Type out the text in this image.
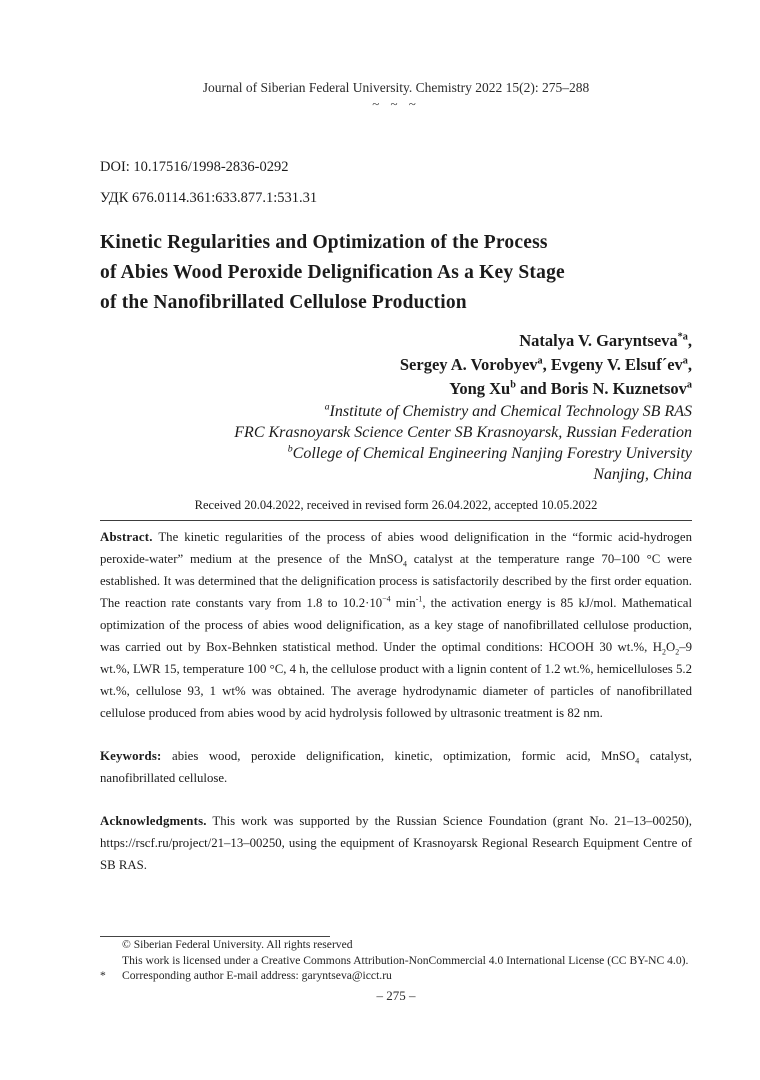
Journal of Siberian Federal University. Chemistry 2022 15(2): 275–288
~ ~ ~
DOI: 10.17516/1998-2836-0292
УДК 676.0114.361:633.877.1:531.31
Kinetic Regularities and Optimization of the Process
of Abies Wood Peroxide Delignification As a Key Stage
of the Nanofibrillated Cellulose Production
Natalya V. Garyntseva$^{*a}$,
Sergey A. Vorobyev$^a$, Evgeny V. $Elsuf´ev^a$,
Yong Xu$^b$ and Boris N. Kuznetsov$^a$
$^a$Institute of Chemistry and Chemical Technology SB RAS
FRC Krasnoyarsk Science Center SB Krasnoyarsk, Russian Federation
$^b$College of Chemical Engineering Nanjing Forestry University
Nanjing, China
Received 20.04.2022, received in revised form 26.04.2022, accepted 10.05.2022

Abstract. The kinetic regularities of the process of abies wood delignification in the “formic acid-hydrogen peroxide-water” medium at the presence of the MnSO$_4$ catalyst at the temperature range 70–100 °C were established. It was determined that the delignification process is satisfactorily described by the first order equation. The reaction rate constants vary from 1.8 to $10.2\cdot 10^{-4}$ $\min^{-1}$, the activation energy is 85 kJ/mol. Mathematical optimization of the process of abies wood delignification, as a key stage of nanofibrillated cellulose production, was carried out by Box-Behnken statistical method. Under the optimal conditions: HCOOH 30 wt.%, $H_2O_2-9$ wt.%, LWR 15, temperature 100 °C, 4 h, the cellulose product with a lignin content of 1.2 wt.%, hemicelluloses 5.2 wt.%, cellulose 93, 1 wt% was obtained. The average hydrodynamic diameter of particles of nanofibrillated cellulose produced from abies wood by acid hydrolysis followed by ultrasonic treatment is 82 nm.

Keywords: abies wood, peroxide delignification, kinetic, optimization, formic acid, MnSO$_4$ catalyst, nanofibrillated cellulose.

Acknowledgments. This work was supported by the Russian Science Foundation (grant No. 21–13–00250), https://rscf.ru/project/21–13–00250, using the equipment of Krasnoyarsk Regional Research Equipment Centre of SB RAS.

© Siberian Federal University. All rights reserved
This work is licensed under a Creative Commons Attribution-NonCommercial 4.0 International License (CC BY-NC 4.0).
*	Corresponding author E-mail address: garyntseva@icct.ru
– 275 –
